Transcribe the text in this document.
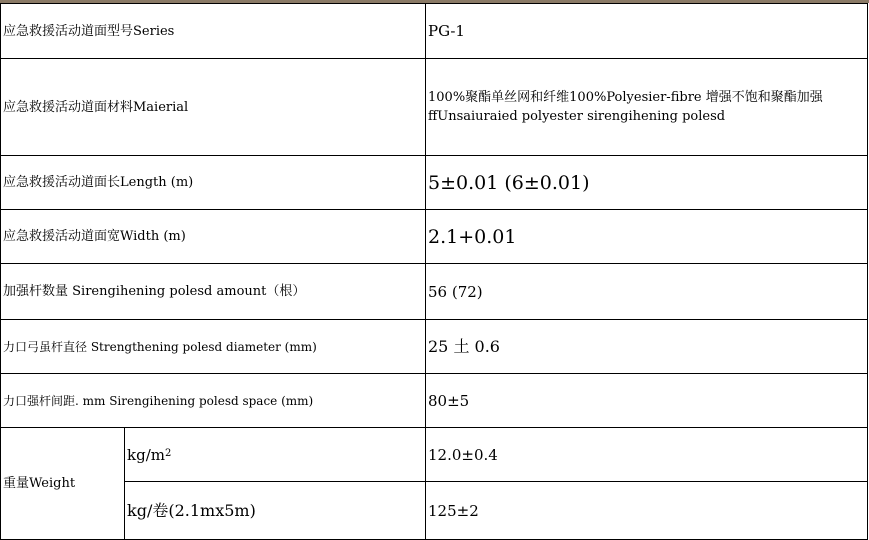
应急救援活动道面型号Series		PG-1
应急救援活动道面材料Maierial		100%聚酯单丝网和纤维100%Polyesier-fibre 增强不饱和聚酯加强ffUnsaiuraied polyester sirengihening polesd
应急救援活动道面长Length (m)		5±0.01 (6±0.01)
应急救援活动道面宽Width (m)		2.1+0.01
加强杆数量 Sirengihening polesd amount（根）		56 (72)
力口弓虽杆直径 Strengthening polesd diameter (mm)		25 土 0.6
力口强杆间距. mm Sirengihening polesd space (mm)		80±5
重量Weight	$kg/m^2$	12.0±0.4
	kg/卷(2.1mx5m)	125±2
